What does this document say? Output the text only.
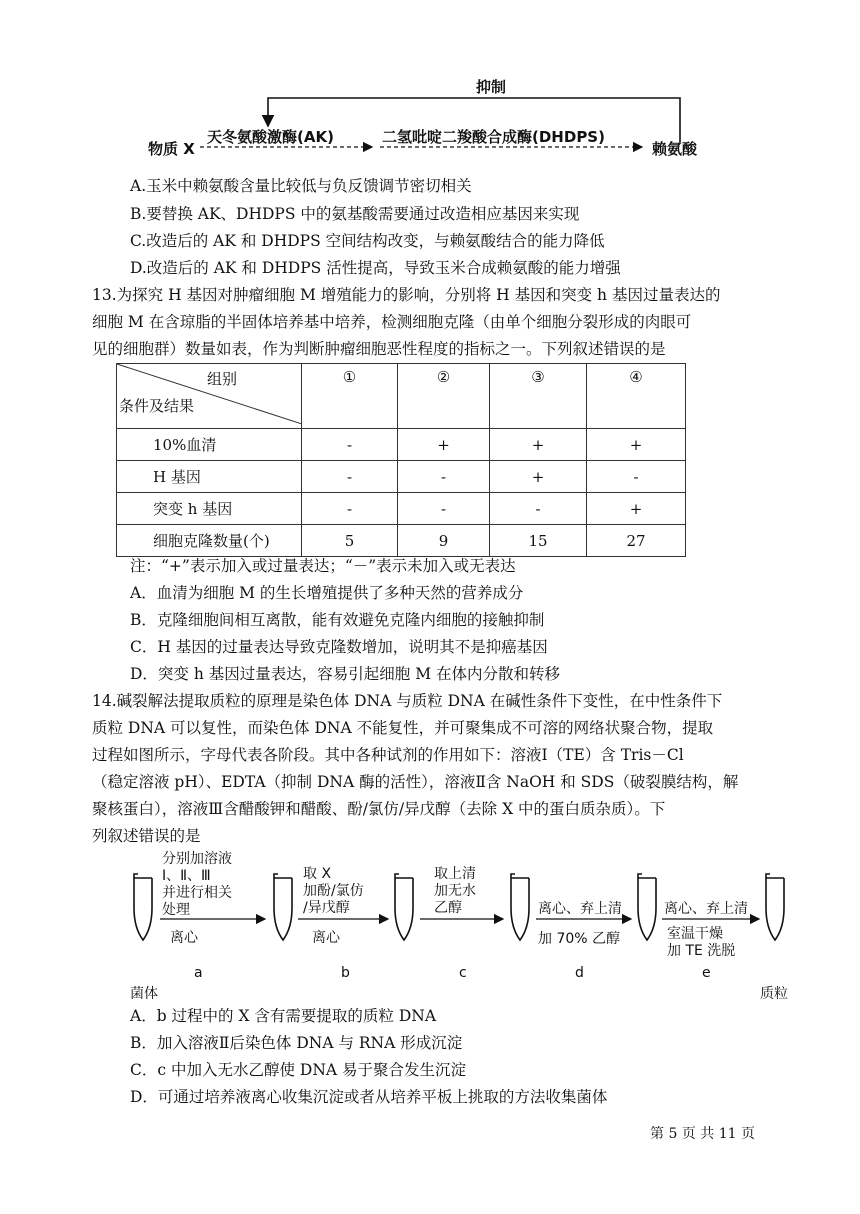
抑制
物质 X
天冬氨酸激酶(AK)	二氢吡啶二羧酸合成酶(DHDPS)
赖氨酸
A.玉米中赖氨酸含量比较低与负反馈调节密切相关
B.要替换 AK、DHDPS 中的氨基酸需要通过改造相应基因来实现
C.改造后的 AK 和 DHDPS 空间结构改变，与赖氨酸结合的能力降低
D.改造后的 AK 和 DHDPS 活性提高，导致玉米合成赖氨酸的能力增强
13.为探究 H 基因对肿瘤细胞 M 增殖能力的影响，分别将 H 基因和突变 h 基因过量表达的
细胞 M 在含琼脂的半固体培养基中培养，检测细胞克隆（由单个细胞分裂形成的肉眼可
见的细胞群）数量如表，作为判断肿瘤细胞恶性程度的指标之一。下列叙述错误的是
组别
条件及结果	①	②	③	④
10%血清	-	+	+	+
H 基因	-	-	+	-
突变 h 基因	-	-	-	+
细胞克隆数量(个)	5	9	15	27
注：“+”表示加入或过量表达；“－”表示未加入或无表达
A．血清为细胞 M 的生长增殖提供了多种天然的营养成分
B．克隆细胞间相互离散，能有效避免克隆内细胞的接触抑制
C．H 基因的过量表达导致克隆数增加，说明其不是抑癌基因
D．突变 h 基因过量表达，容易引起细胞 M 在体内分散和转移
14.碱裂解法提取质粒的原理是染色体 DNA 与质粒 DNA 在碱性条件下变性，在中性条件下
质粒 DNA 可以复性，而染色体 DNA 不能复性，并可聚集成不可溶的网络状聚合物，提取
过程如图所示，字母代表各阶段。其中各种试剂的作用如下：溶液Ⅰ（TE）含 Tris－Cl
（稳定溶液 pH）、EDTA（抑制 DNA 酶的活性），溶液Ⅱ含 NaOH 和 SDS（破裂膜结构，解
聚核蛋白），溶液Ⅲ含醋酸钾和醋酸、酚/氯仿/异戊醇（去除 X 中的蛋白质杂质）。下
列叙述错误的是
分别加溶液
Ⅰ、Ⅱ、Ⅲ
并进行相关
处理
离心
a
取 X
加酚/氯仿
/异戊醇
离心
b
取上清
加无水
乙醇
c
离心、弃上清
加 70% 乙醇
d
离心、弃上清
室温干燥
加 TE 洗脱
e
菌体	质粒
A．b 过程中的 X 含有需要提取的质粒 DNA
B．加入溶液Ⅱ后染色体 DNA 与 RNA 形成沉淀
C．c 中加入无水乙醇使 DNA 易于聚合发生沉淀
D．可通过培养液离心收集沉淀或者从培养平板上挑取的方法收集菌体
第 5 页 共 11 页
